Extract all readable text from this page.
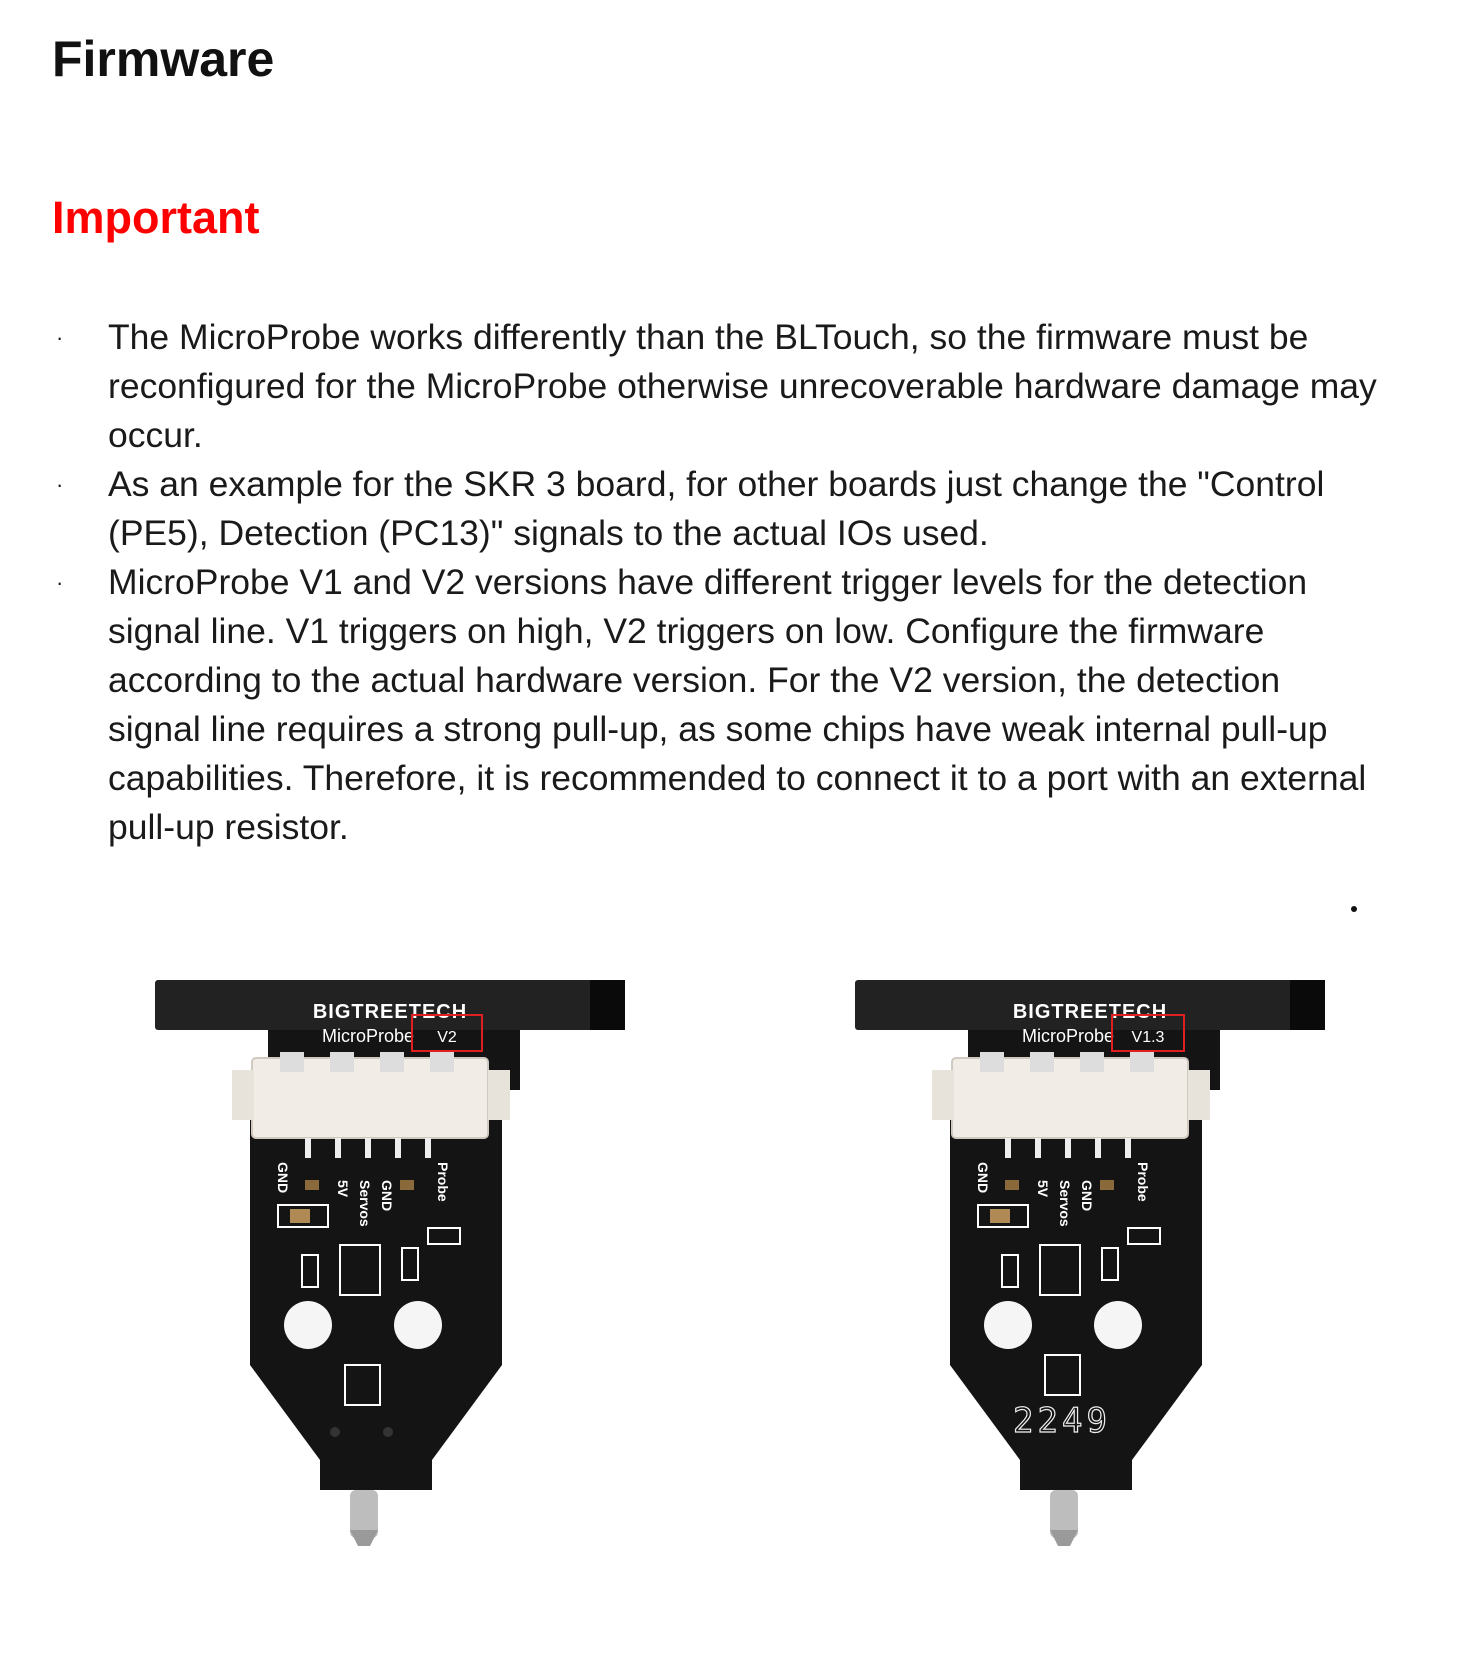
Firmware
Important
· The MicroProbe works differently than the BLTouch, so the firmware must be reconfigured for the MicroProbe otherwise unrecoverable hardware damage may occur.
· As an example for the SKR 3 board, for other boards just change the "Control (PE5), Detection (PC13)" signals to the actual IOs used.
· MicroProbe V1 and V2 versions have different trigger levels for the detection signal line. V1 triggers on high, V2 triggers on low. Configure the firmware according to the actual hardware version. For the V2 version, the detection signal line requires a strong pull-up, as some chips have weak internal pull-up capabilities. Therefore, it is recommended to connect it to a port with an external pull-up resistor.
BIGTREETECH
MicroProbe V2
GND	5V Servos GND	Probe
BIGTREETECH
MicroProbe V1.3
GND	5V Servos GND	Probe
2249
